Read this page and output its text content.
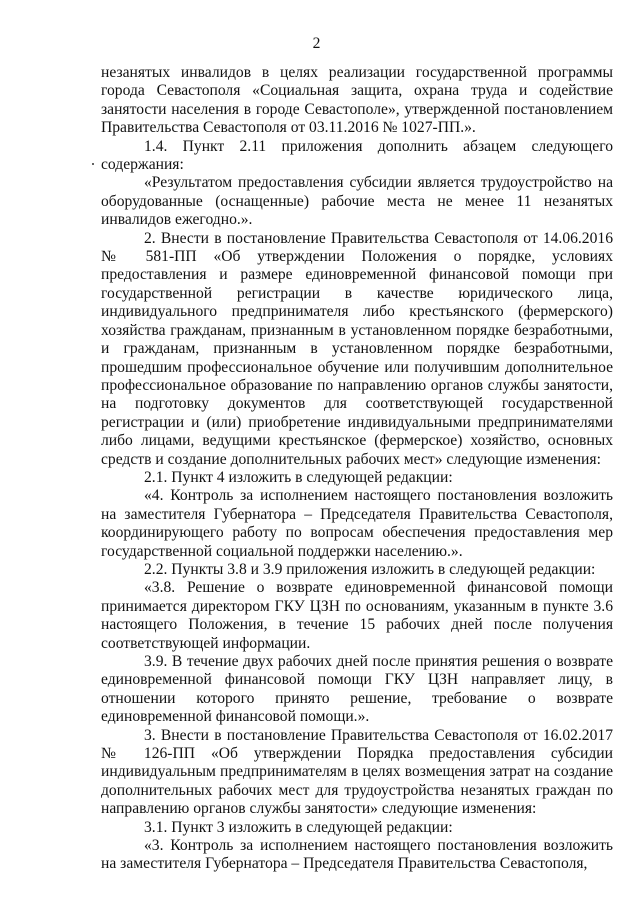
2

незанятых инвалидов в целях реализации государственной программы города Севастополя «Социальная защита, охрана труда и содействие занятости населения в городе Севастополе», утвержденной постановлением Правительства Севастополя от 03.11.2016 № 1027-ПП.».

1.4. Пункт 2.11 приложения дополнить абзацем следующего содержания:

«Результатом предоставления субсидии является трудоустройство на оборудованные (оснащенные) рабочие места не менее 11 незанятых инвалидов ежегодно.».

2. Внести в постановление Правительства Севастополя от 14.06.2016 № 581-ПП «Об утверждении Положения о порядке, условиях предоставления и размере единовременной финансовой помощи при государственной регистрации в качестве юридического лица, индивидуального предпринимателя либо крестьянского (фермерского) хозяйства гражданам, признанным в установленном порядке безработными, и гражданам, признанным в установленном порядке безработными, прошедшим профессиональное обучение или получившим дополнительное профессиональное образование по направлению органов службы занятости, на подготовку документов для соответствующей государственной регистрации и (или) приобретение индивидуальными предпринимателями либо лицами, ведущими крестьянское (фермерское) хозяйство, основных средств и создание дополнительных рабочих мест» следующие изменения:

2.1. Пункт 4 изложить в следующей редакции:

«4. Контроль за исполнением настоящего постановления возложить на заместителя Губернатора – Председателя Правительства Севастополя, координирующего работу по вопросам обеспечения предоставления мер государственной социальной поддержки населению.».

2.2. Пункты 3.8 и 3.9 приложения изложить в следующей редакции:

«3.8. Решение о возврате единовременной финансовой помощи принимается директором ГКУ ЦЗН по основаниям, указанным в пункте 3.6 настоящего Положения, в течение 15 рабочих дней после получения соответствующей информации.

3.9. В течение двух рабочих дней после принятия решения о возврате единовременной финансовой помощи ГКУ ЦЗН направляет лицу, в отношении которого принято решение, требование о возврате единовременной финансовой помощи.».

3. Внести в постановление Правительства Севастополя от 16.02.2017 № 126-ПП «Об утверждении Порядка предоставления субсидии индивидуальным предпринимателям в целях возмещения затрат на создание дополнительных рабочих мест для трудоустройства незанятых граждан по направлению органов службы занятости» следующие изменения:

3.1. Пункт 3 изложить в следующей редакции:

«3. Контроль за исполнением настоящего постановления возложить на заместителя Губернатора – Председателя Правительства Севастополя,
